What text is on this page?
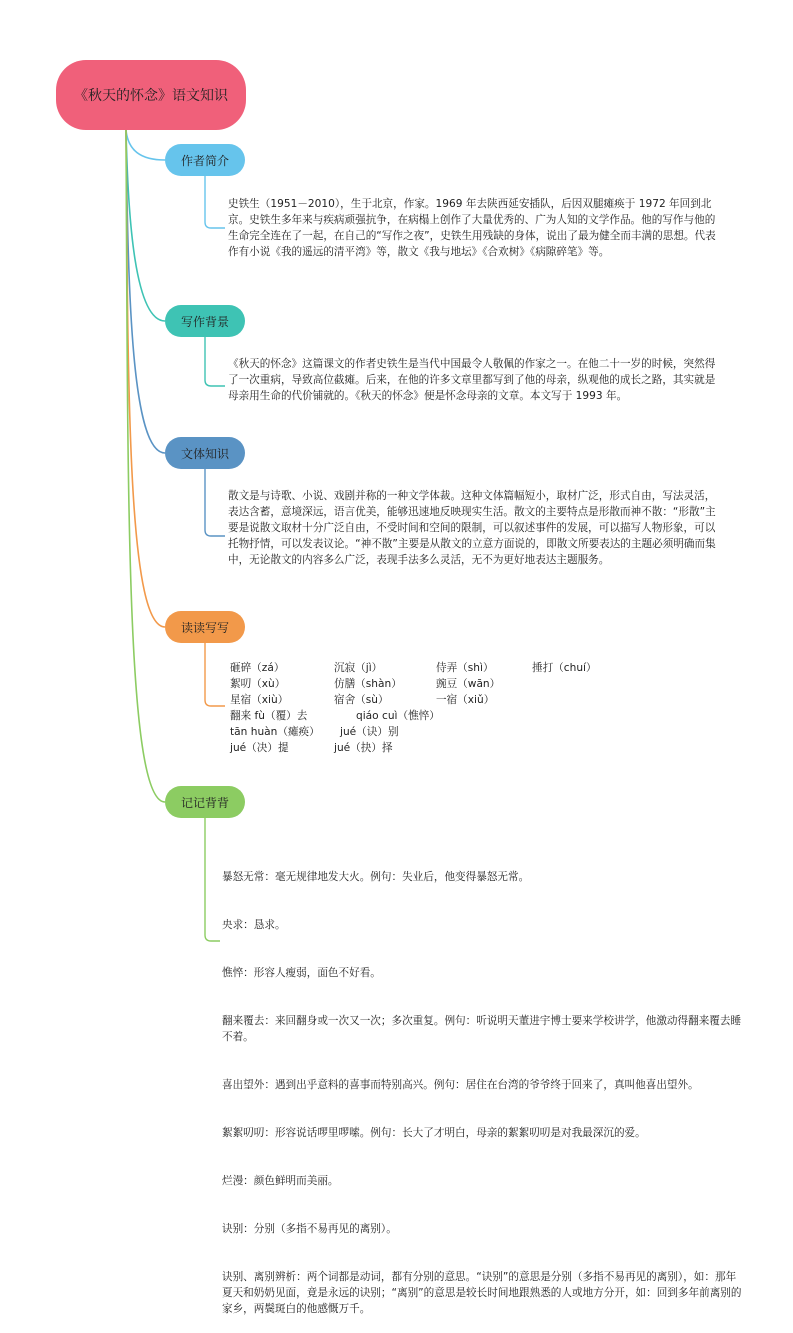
《秋天的怀念》语文知识
作者简介
史铁生（1951－2010），生于北京，作家。1969 年去陕西延安插队，后因双腿瘫痪于 1972 年回到北京。史铁生多年来与疾病顽强抗争，在病榻上创作了大量优秀的、广为人知的文学作品。他的写作与他的生命完全连在了一起，在自己的“写作之夜”，史铁生用残缺的身体，说出了最为健全而丰满的思想。代表作有小说《我的遥远的清平湾》等，散文《我与地坛》《合欢树》《病隙碎笔》等。
写作背景
《秋天的怀念》这篇课文的作者史铁生是当代中国最令人敬佩的作家之一。在他二十一岁的时候，突然得了一次重病，导致高位截瘫。后来，在他的许多文章里都写到了他的母亲，纵观他的成长之路，其实就是母亲用生命的代价铺就的。《秋天的怀念》便是怀念母亲的文章。本文写于 1993 年。
文体知识
散文是与诗歌、小说、戏剧并称的一种文学体裁。这种文体篇幅短小，取材广泛，形式自由，写法灵活，表达含蓄，意境深远，语言优美，能够迅速地反映现实生活。散文的主要特点是形散而神不散：“形散”主要是说散文取材十分广泛自由，不受时间和空间的限制，可以叙述事件的发展，可以描写人物形象，可以托物抒情，可以发表议论。“神不散”主要是从散文的立意方面说的，即散文所要表达的主题必须明确而集中，无论散文的内容多么广泛，表现手法多么灵活，无不为更好地表达主题服务。
读读写写
砸碎（zá）	沉寂（jì）	侍弄（shì）	捶打（chuí）
絮叨（xù）	仿膳（shàn）	豌豆（wān）
星宿（xiù）	宿舍（sù）	一宿（xiǔ）
翻来 fù（覆）去	qiáo cuì（憔悴）
tān huàn（瘫痪） jué（诀）别
jué（决）提	jué（抉）择
记记背背

暴怒无常：毫无规律地发大火。例句：失业后，他变得暴怒无常。

央求：恳求。

憔悴：形容人瘦弱，面色不好看。

翻来覆去：来回翻身或一次又一次；多次重复。例句：听说明天董进宇博士要来学校讲学，他激动得翻来覆去睡不着。

喜出望外：遇到出乎意料的喜事而特别高兴。例句：居住在台湾的爷爷终于回来了，真叫他喜出望外。

絮絮叨叨：形容说话啰里啰嗦。例句：长大了才明白，母亲的絮絮叨叨是对我最深沉的爱。

烂漫：颜色鲜明而美丽。

诀别：分别（多指不易再见的离别）。

诀别、离别辨析：两个词都是动词，都有分别的意思。“诀别”的意思是分别（多指不易再见的离别），如：那年夏天和奶奶见面，竟是永远的诀别；“离别”的意思是较长时间地跟熟悉的人或地方分开，如：回到多年前离别的家乡，两鬓斑白的他感慨万千。
